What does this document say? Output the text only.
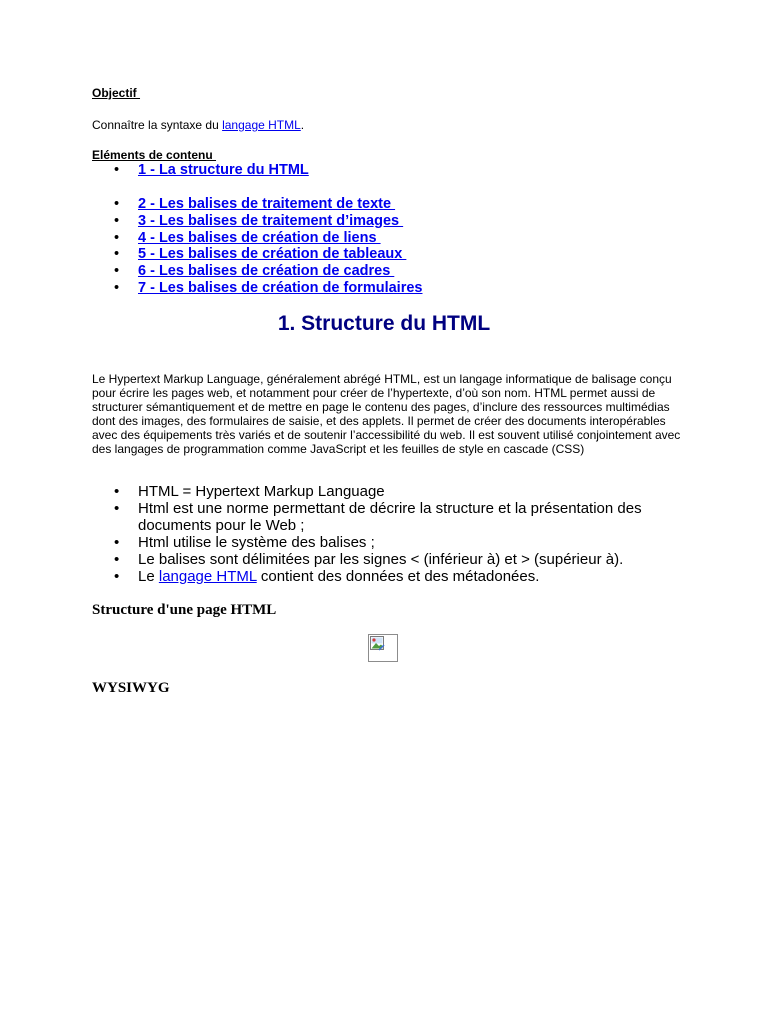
Objectif
Connaître la syntaxe du langage HTML.
Eléments de contenu
• 1 - La structure du HTML
• 2 - Les balises de traitement de texte
• 3 - Les balises de traitement d’images
• 4 - Les balises de création de liens
• 5 - Les balises de création de tableaux
• 6 - Les balises de création de cadres
• 7 - Les balises de création de formulaires
1. Structure du HTML

Le Hypertext Markup Language, généralement abrégé HTML, est un langage informatique de balisage conçu pour écrire les pages web, et notamment pour créer de l’hypertexte, d’où son nom. HTML permet aussi de structurer sémantiquement et de mettre en page le contenu des pages, d’inclure des ressources multimédias dont des images, des formulaires de saisie, et des applets. Il permet de créer des documents interopérables avec des équipements très variés et de soutenir l’accessibilité du web. Il est souvent utilisé conjointement avec des langages de programmation comme JavaScript et les feuilles de style en cascade (CSS)

• HTML = Hypertext Markup Language
• Html est une norme permettant de décrire la structure et la présentation des documents pour le Web ;
• Html utilise le système des balises ;
• Le balises sont délimitées par les signes < (inférieur à) et > (supérieur à).
• Le langage HTML contient des données et des métadonées.
Structure d'une page HTML
WYSIWYG
